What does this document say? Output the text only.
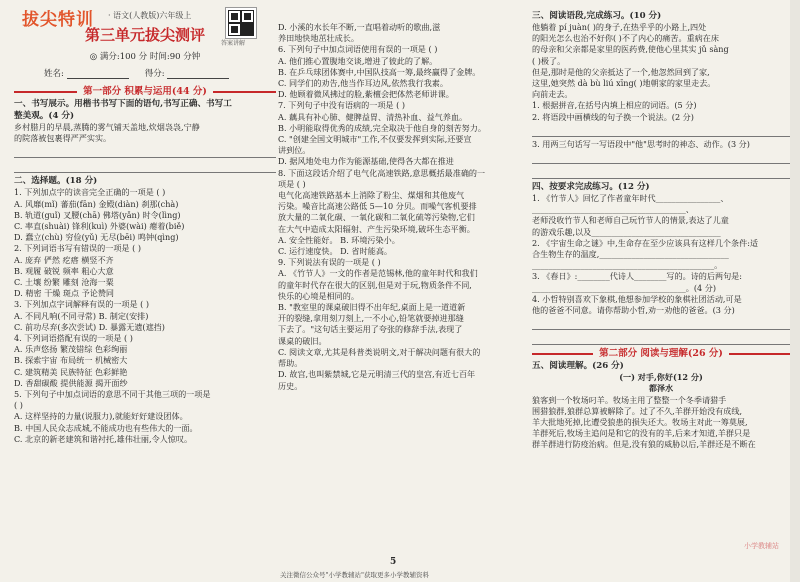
拔尖特训 · 语文(人教版)六年级上
答案讲解
第三单元拔尖测评
◎ 满分:100 分 时间:90 分钟
姓名:	得分:
第一部分 积累与运用(44 分)
一、书写展示。用楷书书写下面的语句,书写正确、书写工
整美观。(4 分)
乡村腊月的早晨,蒸腾的雾气铺天盖地,炊烟袅袅,宁静
的院落被包裹得严严实实。
二、选择题。(18 分)
1. 下列加点字的读音完全正确的一项是 ( )
A. 风靡(mǐ) 蕃茄(fān) 金殿(diàn) 刹那(chà)
B. 轨道(guǐ) 叉腰(chā) 佛塔(yǎn) 时令(lìng)
C. 率直(shuài) 锋利(kuì) 外婆(wài) 瘪着(biě)
D. 蠢立(chù) 穷俭(yǔ) 无尽(bēi) 鸣钟(qìng)
2. 下列词语书写有错误的一项是 ( )
A. 庞弃 俨然 疙瘩 横竖不齐
B. 观履 破锐 频率 粗心大意
C. 土壤 纷繁 雕刻 沧海一粟
D. 精密 干燥 斑点 予论赞同
3. 下列加点字词解释有误的一项是 ( )
A. 不同凡响(不同寻常) B. 制定(安排)
C. 前功尽弃(多次尝试) D. 暴露无遗(遮挡)
4. 下列词语搭配有误的一项是 ( )
A. 乐声悠扬 繁茂错综 色彩绚丽
B. 探索宇宙 布局统一 机械密大
C. 建筑精美 民族特征 色彩鲜艳
D. 香甜碳酸 提供能源 揭开面纱
5. 下列句子中加点词语的意思不同于其他三项的一项是
( )
A. 这样坚持的力量(说服力),就能好好建设团体。
B. 中国人民众志成城,不能成功也有些伟大的一面。
C. 北京的新老建筑和谐衬托,雄伟壮丽,令人惊叹。
D. 小溪的水长年不断,一直唱着动听的歌曲,滋
养田地快地茁壮成长。
6. 下列句子中加点词语使用有误的一项是 ( )
A. 他们推心置腹地交谈,增进了彼此的了解。
B. 在乒乓球团体赛中,中国队技高一筹,最终赢得了金牌。
C. 同学们的劝告,他当作耳边风,依然我行我素。
D. 他顾着微风拂过的脸,紫檀会把体然老师讲课。
7. 下列句子中没有语病的一项是 ( )
A. 藕具有补心肺、健脾益胃、清热补血、益气养血。
B. 小明能取得优秀的成绩,完全取决于他自身的刻苦努力。
C. "创建全国文明城市"工作,不仅要发挥到实际,还要宣
讲到位。
D. 据风地处电力作为能源基础,使得各大都在推进
8. 下面这段话介绍了电气化高速铁路,意思概括最准确的一
项是 ( )
电气化高速铁路基本上消除了粉尘、煤烟和其他废气
污染。噪音比高速公路低 5—10 分贝。而噪气客机要排
放大量的二氧化碳、一氧化碳和二氧化硫等污染物,它们
在大气中造成太阳辐射、产生污染环境,破坏生态平衡。
A. 安全性能好。 B. 环境污染小。
C. 运行速度快。 D. 省时能高。
9. 下列说法有误的一项是 ( )
A. 《竹节人》一文的作者是范锡林,他的童年时代和我们
的童年时代存在很大的区别,但是对于玩,物质条件不同,
快乐的心境是相同的。
B. "教室里的课桌破旧得不出年纪,桌面上是一道道新
开的裂缝,拿用刻刀刻上,一不小心,铅笔就要掉进那缝
下去了。"这句话主要运用了夸张的修辞手法,表现了
课桌的破旧。
C. 阅读文章,尤其是科普类说明文,对于解决问题有很大的
帮助。
D. 故宫,也叫紫禁城,它是元明清三代的皇宫,有近七百年
历史。
三、阅读语段,完成练习。(10 分)
他躺着 pí juàn( )的身子,在热乎乎的小路上,四处
的阳光怎么也治不好你( )不了内心的痛苦。重病在床
的母亲和父亲都是家里的医药费,使他心里其实 jǔ sàng
( )极了。
但是,那时是他的父亲抵达了一个,他忽然回到了家,
这里,她突然 dà bù liú xīng( )地朝家的家里走去。
向前走去。
1. 根据拼音,在括号内填上相应的词语。(5 分)
2. 将语段中画横线的句子换一个说法。(2 分)
3. 用两三句话写一写语段中"他"思考时的神态、动作。(3 分)
四、按要求完成练习。(12 分)
1. 《竹节人》回忆了作者童年时代________________、
______________________________________、
老师没收竹节人和老师自己玩竹节人的情景,表达了儿童
的游戏乐趣,以及________________________________
2. 《宇宙生命之谜》中,生命存在至少应该具有这样几个条件:适
合生物生存的温度,________________________________
_____________________________________________。
3. 《春日》:________代诗人________写的。诗的后两句是:
______________________________________。(4 分)
4. 小哲特别喜欢下象棋,他想参加学校的象棋社团活动,可是
他的爸爸不同意。请你帮助小哲,劝一劝他的爸爸。(3 分)
第二部分 阅读与理解(26 分)
五、阅读理解。(26 分)
(一) 对手,你好(12 分)
都泽水
狼客到一个牧场叼羊。牧场主用了整整一个冬季请猎手
围猎狼群,狼群总算被解除了。过了不久,羊群开始没有成线,
羊大批地死掉,比遭受狼患的损失还大。牧场主对此一筹莫展,
羊群死后,牧场主追问是和它的没有的羊,后来才知道,羊群只是
群羊群进行防疫治病。但是,没有狼的威胁以后,羊群还是不断在
5
关注微信公众号"小学教辅站"获取更多小学教辅资料
小学教辅站
